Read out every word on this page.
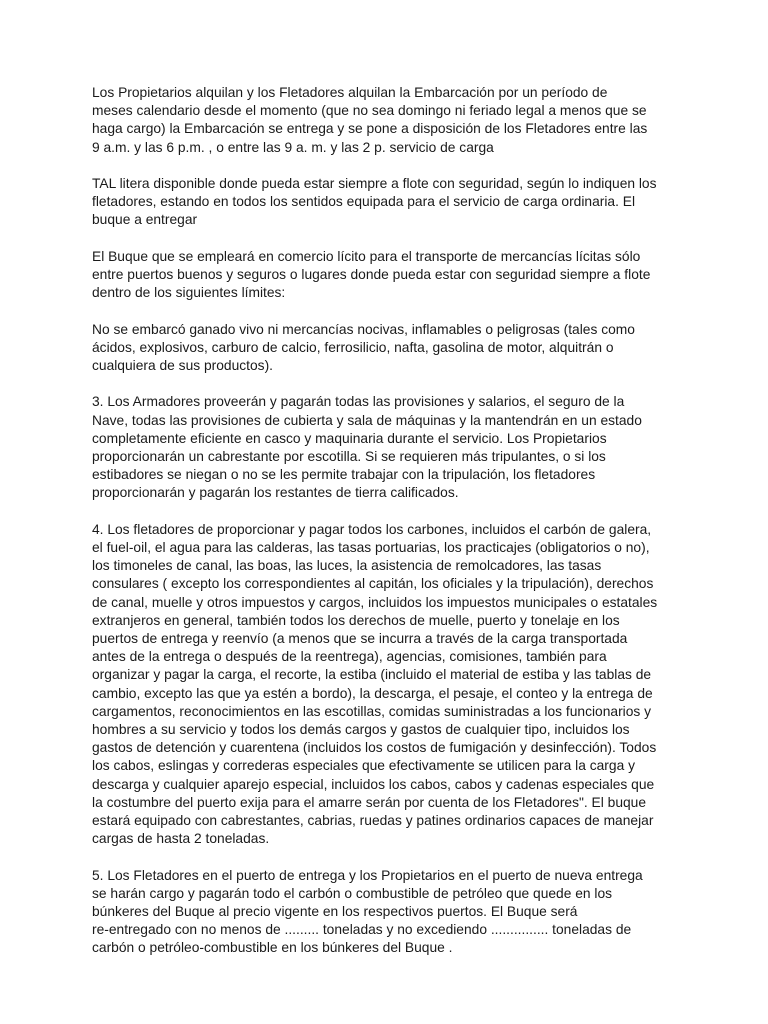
Los Propietarios alquilan y los Fletadores alquilan la Embarcación por un período de
meses calendario desde el momento (que no sea domingo ni feriado legal a menos que se
haga cargo) la Embarcación se entrega y se pone a disposición de los Fletadores entre las
9 a.m. y las 6 p.m. , o entre las 9 a. m. y las 2 p. servicio de carga

TAL litera disponible donde pueda estar siempre a flote con seguridad, según lo indiquen los
fletadores, estando en todos los sentidos equipada para el servicio de carga ordinaria. El
buque a entregar

El Buque que se empleará en comercio lícito para el transporte de mercancías lícitas sólo
entre puertos buenos y seguros o lugares donde pueda estar con seguridad siempre a flote
dentro de los siguientes límites:

No se embarcó ganado vivo ni mercancías nocivas, inflamables o peligrosas (tales como
ácidos, explosivos, carburo de calcio, ferrosilicio, nafta, gasolina de motor, alquitrán o
cualquiera de sus productos).

3. Los Armadores proveerán y pagarán todas las provisiones y salarios, el seguro de la
Nave, todas las provisiones de cubierta y sala de máquinas y la mantendrán en un estado
completamente eficiente en casco y maquinaria durante el servicio. Los Propietarios
proporcionarán un cabrestante por escotilla. Si se requieren más tripulantes, o si los
estibadores se niegan o no se les permite trabajar con la tripulación, los fletadores
proporcionarán y pagarán los restantes de tierra calificados.

4. Los fletadores de proporcionar y pagar todos los carbones, incluidos el carbón de galera,
el fuel-oil, el agua para las calderas, las tasas portuarias, los practicajes (obligatorios o no),
los timoneles de canal, las boas, las luces, la asistencia de remolcadores, las tasas
consulares ( excepto los correspondientes al capitán, los oficiales y la tripulación), derechos
de canal, muelle y otros impuestos y cargos, incluidos los impuestos municipales o estatales
extranjeros en general, también todos los derechos de muelle, puerto y tonelaje en los
puertos de entrega y reenvío (a menos que se incurra a través de la carga transportada
antes de la entrega o después de la reentrega), agencias, comisiones, también para
organizar y pagar la carga, el recorte, la estiba (incluido el material de estiba y las tablas de
cambio, excepto las que ya estén a bordo), la descarga, el pesaje, el conteo y la entrega de
cargamentos, reconocimientos en las escotillas, comidas suministradas a los funcionarios y
hombres a su servicio y todos los demás cargos y gastos de cualquier tipo, incluidos los
gastos de detención y cuarentena (incluidos los costos de fumigación y desinfección). Todos
los cabos, eslingas y correderas especiales que efectivamente se utilicen para la carga y
descarga y cualquier aparejo especial, incluidos los cabos, cabos y cadenas especiales que
la costumbre del puerto exija para el amarre serán por cuenta de los Fletadores". El buque
estará equipado con cabrestantes, cabrias, ruedas y patines ordinarios capaces de manejar
cargas de hasta 2 toneladas.

5. Los Fletadores en el puerto de entrega y los Propietarios en el puerto de nueva entrega
se harán cargo y pagarán todo el carbón o combustible de petróleo que quede en los
búnkeres del Buque al precio vigente en los respectivos puertos. El Buque será
re-entregado con no menos de ......... toneladas y no excediendo ............... toneladas de
carbón o petróleo-combustible en los búnkeres del Buque .
